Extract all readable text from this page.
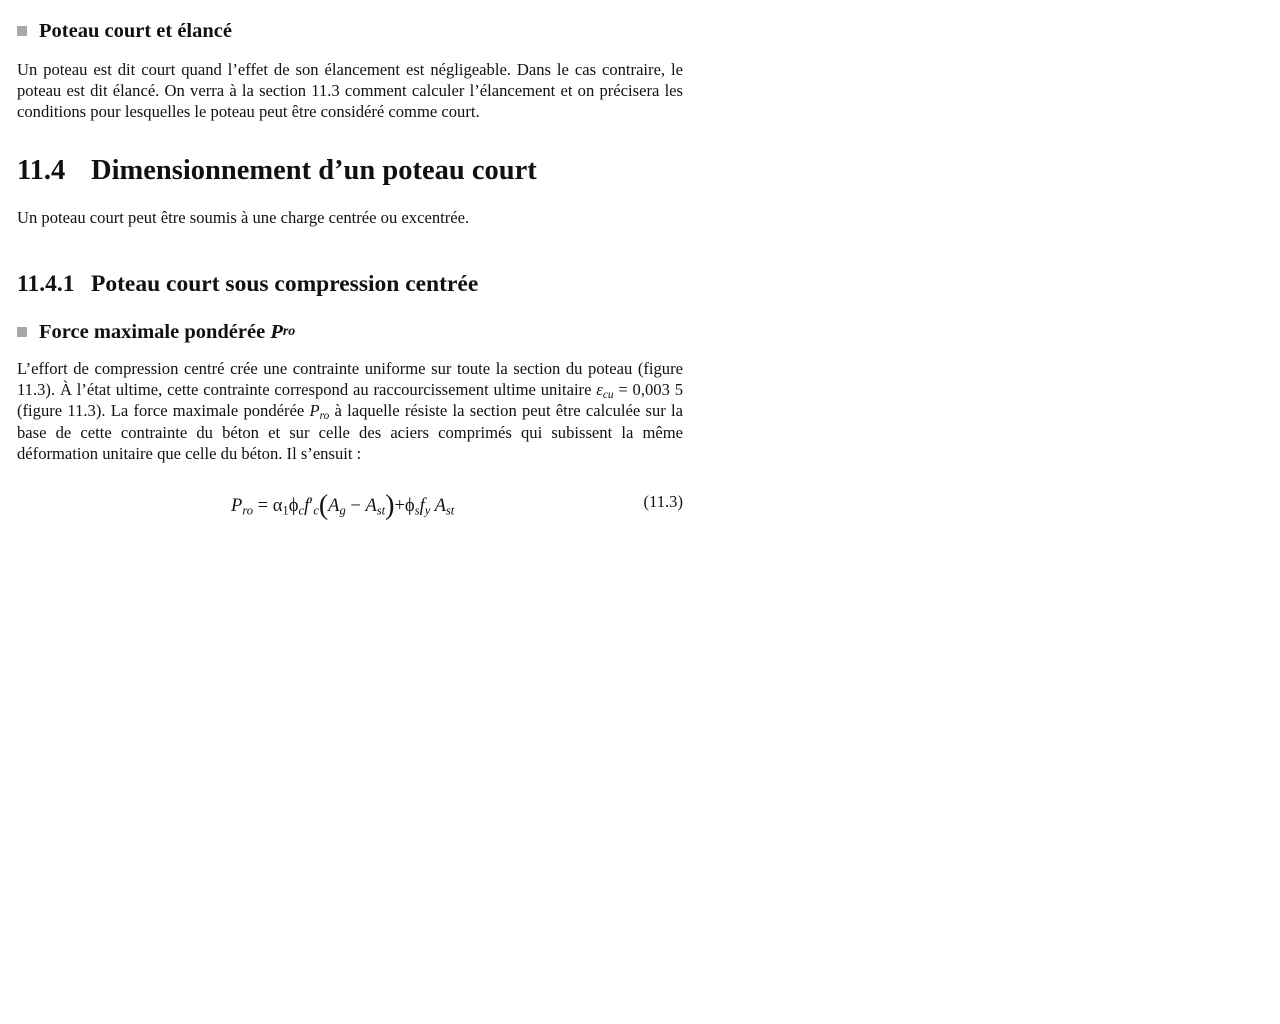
Poteau court et élancé

Un poteau est dit court quand l’effet de son élancement est négligeable. Dans le cas contraire, le poteau est dit élancé. On verra à la section 11.3 comment calculer l’élancement et on précisera les conditions pour lesquelles le poteau peut être considéré comme court.

11.4 Dimensionnement d’un poteau court

Un poteau court peut être soumis à une charge centrée ou excentrée.

11.4.1 Poteau court sous compression centrée
Force maximale pondérée
P ro

L’effort de compression centré crée une contrainte uniforme sur toute la section du poteau (figure 11.3). À l’état ultime, cette contrainte correspond au raccourcissement ultime unitaire $\varepsilon_{cu} = 0,003$ 5 (figure 11.3). La force maximale pondérée $P_{ro}$ à laquelle résiste la section peut être calculée sur la base de cette contrainte du béton et sur celle des aciers comprimés qui subissent la même déformation unitaire que celle du béton. Il s’ensuit :

$P_{ro} = \alpha_1\phi_cf'_c(A_g - A_{st})+\phi_sf_y$ $A_{st}$	(11.3)
